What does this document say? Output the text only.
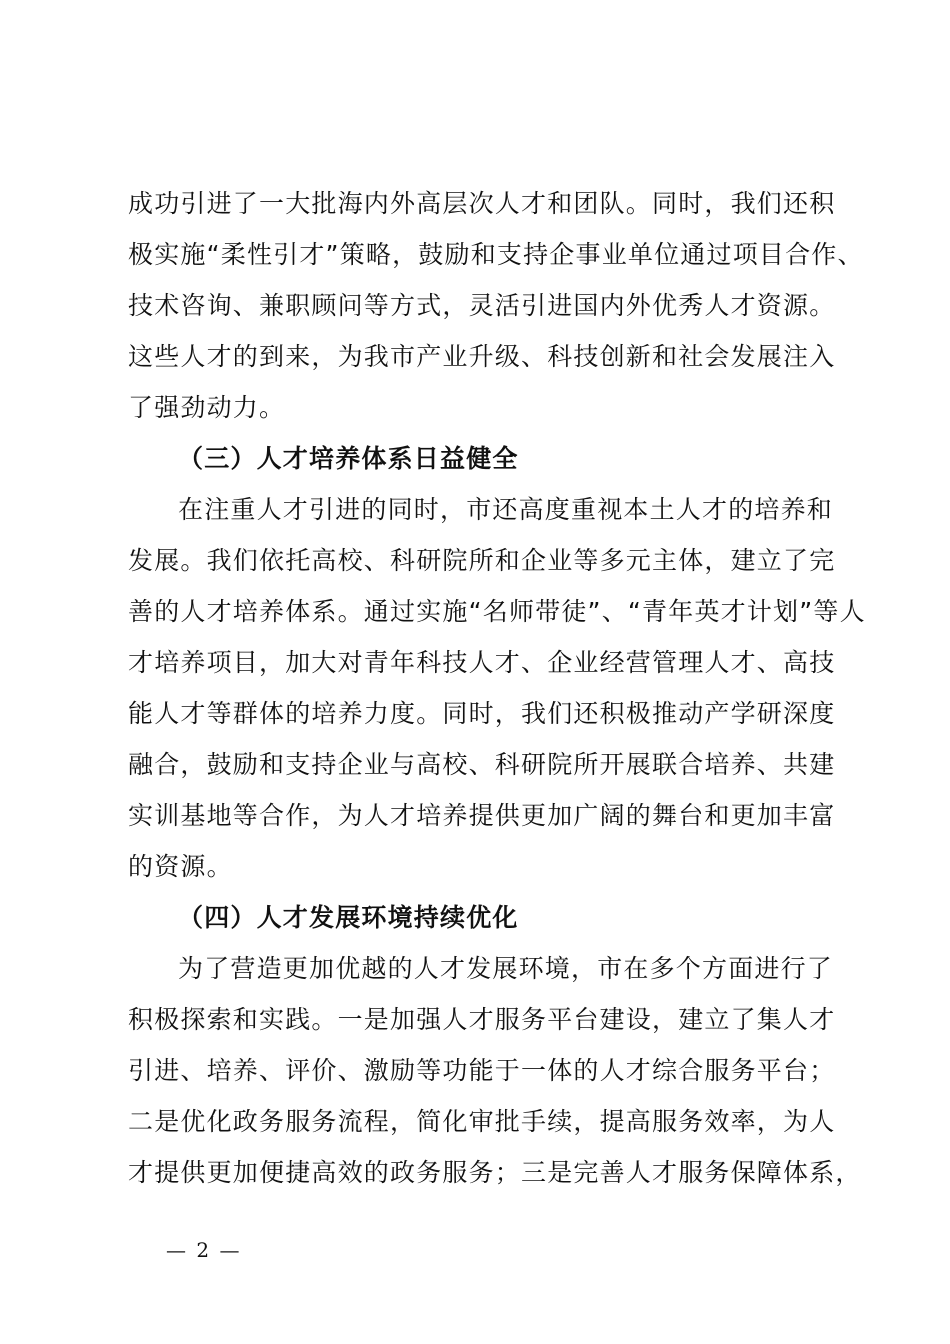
成功引进了一大批海内外高层次人才和团队。同时，我们还积
极实施“柔性引才”策略，鼓励和支持企事业单位通过项目合作、
技术咨询、兼职顾问等方式，灵活引进国内外优秀人才资源。
这些人才的到来，为我市产业升级、科技创新和社会发展注入
了强劲动力。
（三）人才培养体系日益健全
在注重人才引进的同时，市还高度重视本土人才的培养和
发展。我们依托高校、科研院所和企业等多元主体，建立了完
善的人才培养体系。通过实施“名师带徒”、“青年英才计划”等人
才培养项目，加大对青年科技人才、企业经营管理人才、高技
能人才等群体的培养力度。同时，我们还积极推动产学研深度
融合，鼓励和支持企业与高校、科研院所开展联合培养、共建
实训基地等合作，为人才培养提供更加广阔的舞台和更加丰富
的资源。
（四）人才发展环境持续优化
为了营造更加优越的人才发展环境，市在多个方面进行了
积极探索和实践。一是加强人才服务平台建设，建立了集人才
引进、培养、评价、激励等功能于一体的人才综合服务平台；
二是优化政务服务流程，简化审批手续，提高服务效率，为人
才提供更加便捷高效的政务服务；三是完善人才服务保障体系，
— 2 —
